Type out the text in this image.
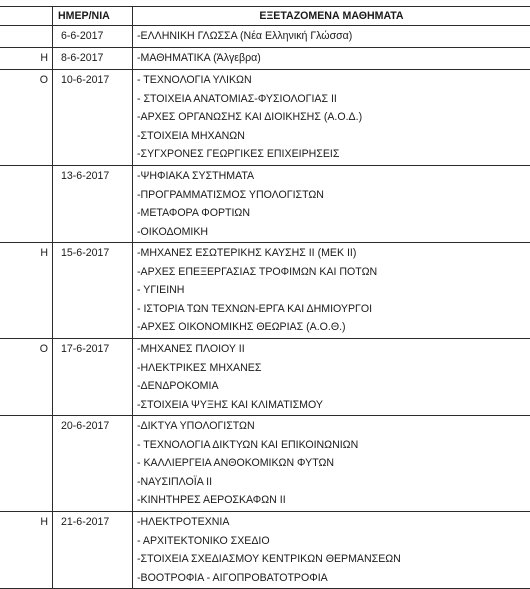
ΗΜΕΡ/ΝΙΑ	ΕΞΕΤΑΖΟΜΕΝΑ ΜΑΘΗΜΑΤΑ
6-6-2017	-ΕΛΛΗΝΙΚΗ ΓΛΩΣΣΑ (Νέα Ελληνική Γλώσσα)
Η 8-6-2017	-ΜΑΘΗΜΑΤΙΚΑ (Άλγεβρα)
Ο 10-6-2017	- ΤΕΧΝΟΛΟΓΙΑ ΥΛΙΚΩΝ
- ΣΤΟΙΧΕΙΑ ΑΝΑΤΟΜΙΑΣ-ΦΥΣΙΟΛΟΓΙΑΣ ΙΙ
-ΑΡΧΕΣ ΟΡΓΑΝΩΣΗΣ ΚΑΙ ΔΙΟΙΚΗΣΗΣ (Α.Ο.Δ.)
-ΣΤΟΙΧΕΙΑ ΜΗΧΑΝΩΝ
-ΣΥΓΧΡΟΝΕΣ ΓΕΩΡΓΙΚΕΣ ΕΠΙΧΕΙΡΗΣΕΙΣ
13-6-2017	-ΨΗΦΙΑΚΑ ΣΥΣΤΗΜΑΤΑ
-ΠΡΟΓΡΑΜΜΑΤΙΣΜΟΣ ΥΠΟΛΟΓΙΣΤΩΝ
-ΜΕΤΑΦΟΡΑ ΦΟΡΤΙΩΝ
-ΟΙΚΟΔΟΜΙΚΗ
Η 15-6-2017	-ΜΗΧΑΝΕΣ ΕΣΩΤΕΡΙΚΗΣ ΚΑΥΣΗΣ ΙΙ (ΜΕΚ ΙΙ)
-ΑΡΧΕΣ ΕΠΕΞΕΡΓΑΣΙΑΣ ΤΡΟΦΙΜΩΝ ΚΑΙ ΠΟΤΩΝ
- ΥΓΙΕΙΝΗ
- ΙΣΤΟΡΙΑ ΤΩΝ ΤΕΧΝΩΝ-ΕΡΓΑ ΚΑΙ ΔΗΜΙΟΥΡΓΟΙ
-ΑΡΧΕΣ ΟΙΚΟΝΟΜΙΚΗΣ ΘΕΩΡΙΑΣ (Α.Ο.Θ.)
Ο 17-6-2017	-ΜΗΧΑΝΕΣ ΠΛΟΙΟΥ ΙΙ
-ΗΛΕΚΤΡΙΚΕΣ ΜΗΧΑΝΕΣ
-ΔΕΝΔΡΟΚΟΜΙΑ
-ΣΤΟΙΧΕΙΑ ΨΥΞΗΣ ΚΑΙ ΚΛΙΜΑΤΙΣΜΟΥ
20-6-2017	-ΔΙΚΤΥΑ ΥΠΟΛΟΓΙΣΤΩΝ
- ΤΕΧΝΟΛΟΓΙΑ ΔΙΚΤΥΩΝ ΚΑΙ ΕΠΙΚΟΙΝΩΝΙΩΝ
- ΚΑΛΛΙΕΡΓΕΙΑ ΑΝΘΟΚΟΜΙΚΩΝ ΦΥΤΩΝ
-ΝΑΥΣΙΠΛΟΪΑ ΙΙ
-ΚΙΝΗΤΗΡΕΣ ΑΕΡΟΣΚΑΦΩΝ ΙΙ
Η 21-6-2017	-ΗΛΕΚΤΡΟΤΕΧΝΙΑ
- ΑΡΧΙΤΕΚΤΟΝΙΚΟ ΣΧΕΔΙΟ
-ΣΤΟΙΧΕΙΑ ΣΧΕΔΙΑΣΜΟΥ ΚΕΝΤΡΙΚΩΝ ΘΕΡΜΑΝΣΕΩΝ
-ΒΟΟΤΡΟΦΙΑ - ΑΙΓΟΠΡΟΒΑΤΟΤΡΟΦΙΑ
